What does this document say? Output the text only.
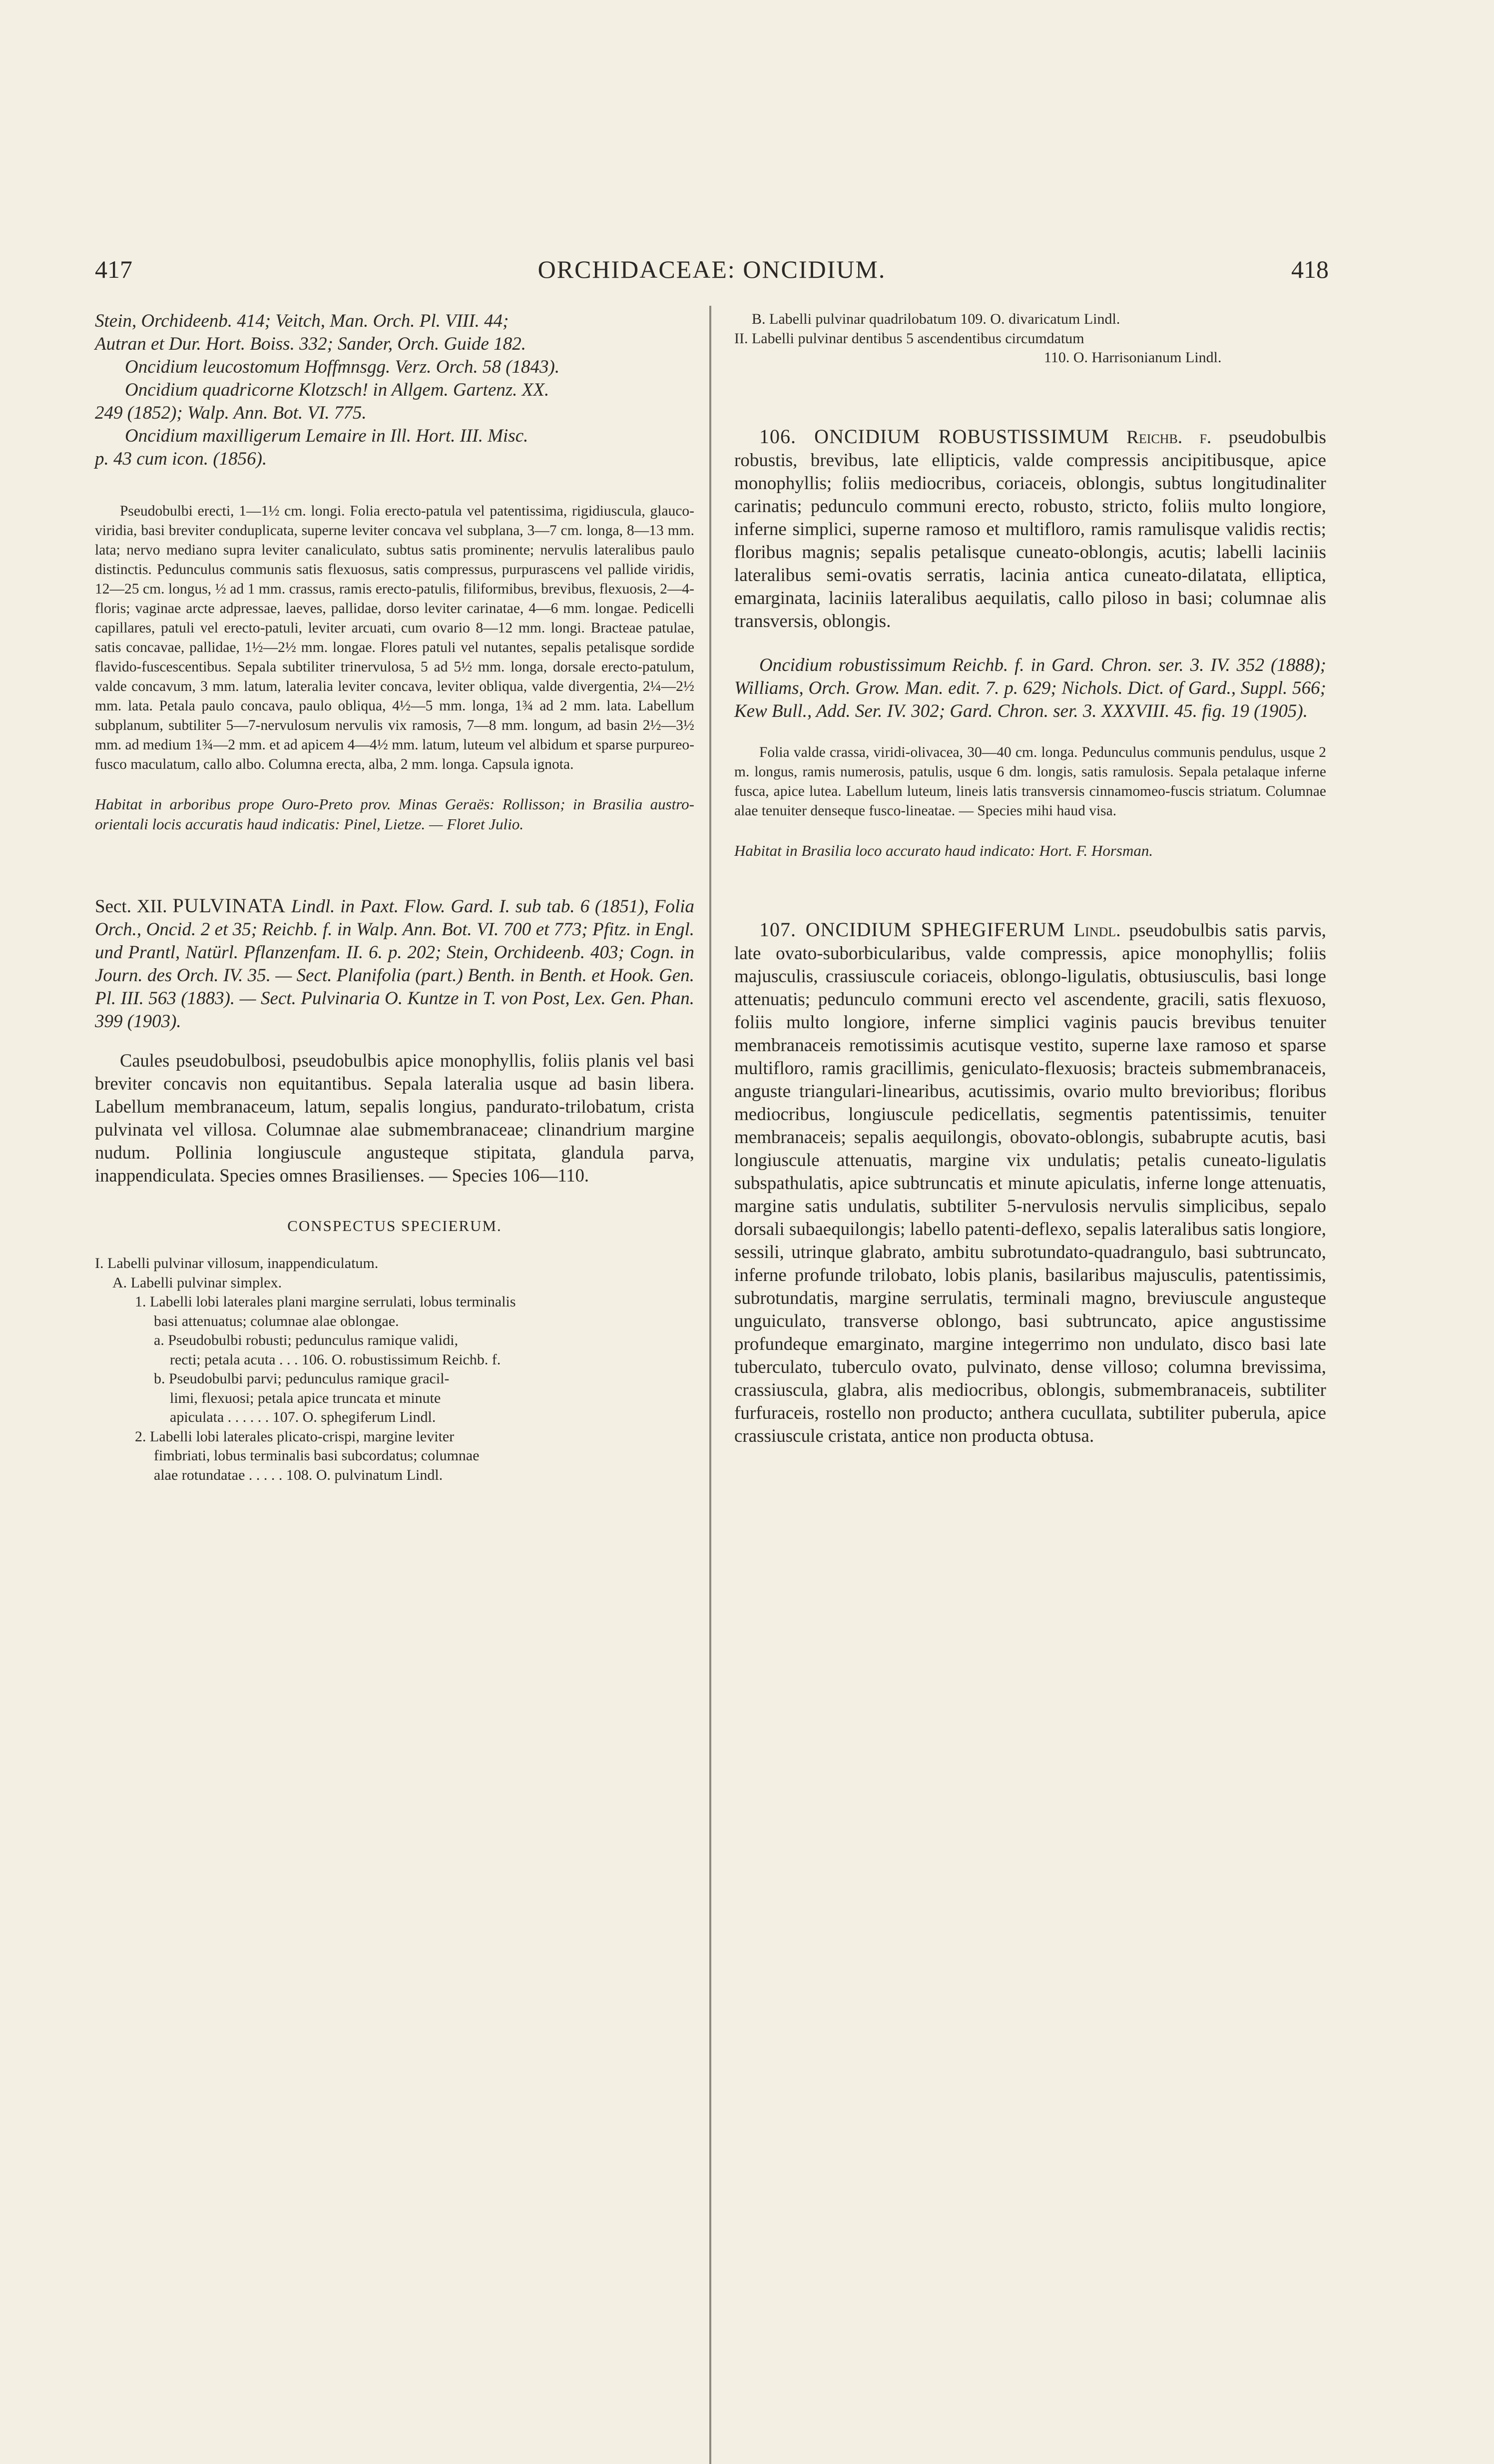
417	ORCHIDACEAE: ONCIDIUM.	418

Stein, Orchideenb. 414; Veitch, Man. Orch. Pl. VIII. 44;

Autran et Dur. Hort. Boiss. 332; Sander, Orch. Guide 182.

Oncidium leucostomum Hoffmnsgg. Verz. Orch. 58 (1843).

Oncidium quadricorne Klotzsch! in Allgem. Gartenz. XX.

249 (1852); Walp. Ann. Bot. VI. 775.

Oncidium maxilligerum Lemaire in Ill. Hort. III. Misc.

p. 43 cum icon. (1856).

Pseudobulbi erecti, 1—1½ cm. longi. Folia erecto-patula vel patentissima, rigidiuscula, glauco-viridia, basi breviter conduplicata, superne leviter concava vel subplana, 3—7 cm. longa, 8—13 mm. lata; nervo mediano supra leviter canaliculato, subtus satis prominente; nervulis lateralibus paulo distinctis. Pedunculus communis satis flexuosus, satis compressus, purpurascens vel pallide viridis, 12—25 cm. longus, ½ ad 1 mm. crassus, ramis erecto-patulis, filiformibus, brevibus, flexuosis, 2—4-floris; vaginae arcte adpressae, laeves, pallidae, dorso leviter carinatae, 4—6 mm. longae. Pedicelli capillares, patuli vel erecto-patuli, leviter arcuati, cum ovario 8—12 mm. longi. Bracteae patulae, satis concavae, pallidae, 1½—2½ mm. longae. Flores patuli vel nutantes, sepalis petalisque sordide flavido-fuscescentibus. Sepala subtiliter trinervulosa, 5 ad 5½ mm. longa, dorsale erecto-patulum, valde concavum, 3 mm. latum, lateralia leviter concava, leviter obliqua, valde divergentia, 2¼—2½ mm. lata. Petala paulo concava, paulo obliqua, 4½—5 mm. longa, 1¾ ad 2 mm. lata. Labellum subplanum, subtiliter 5—7-nervulosum nervulis vix ramosis, 7—8 mm. longum, ad basin 2½—3½ mm. ad medium 1¾—2 mm. et ad apicem 4—4½ mm. latum, luteum vel albidum et sparse purpureo-fusco maculatum, callo albo. Columna erecta, alba, 2 mm. longa. Capsula ignota.

Habitat in arboribus prope Ouro-Preto prov. Minas Geraës: Rollisson; in Brasilia austro-orientali locis accuratis haud indicatis: Pinel, Lietze. — Floret Julio.

Sect. XII. PULVINATA Lindl. in Paxt. Flow. Gard. I. sub tab. 6 (1851), Folia Orch., Oncid. 2 et 35; Reichb. f. in Walp. Ann. Bot. VI. 700 et 773; Pfitz. in Engl. und Prantl, Natürl. Pflanzenfam. II. 6. p. 202; Stein, Orchideenb. 403; Cogn. in Journ. des Orch. IV. 35. — Sect. Planifolia (part.) Benth. in Benth. et Hook. Gen. Pl. III. 563 (1883). — Sect. Pulvinaria O. Kuntze in T. von Post, Lex. Gen. Phan. 399 (1903).

Caules pseudobulbosi, pseudobulbis apice monophyllis, foliis planis vel basi breviter concavis non equitantibus. Sepala lateralia usque ad basin libera. Labellum membranaceum, latum, sepalis longius, pandurato-trilobatum, crista pulvinata vel villosa. Columnae alae submembranaceae; clinandrium margine nudum. Pollinia longiuscule angusteque stipitata, glandula parva, inappendiculata. Species omnes Brasilienses. — Species 106—110.

CONSPECTUS SPECIERUM.
I. Labelli pulvinar villosum, inappendiculatum.
A. Labelli pulvinar simplex.
1. Labelli lobi laterales plani margine serrulati, lobus terminalis
basi attenuatus; columnae alae oblongae.
a. Pseudobulbi robusti; pedunculus ramique validi,
recti; petala acuta . . . 106. O. robustissimum Reichb. f.
b. Pseudobulbi parvi; pedunculus ramique gracil-
limi, flexuosi; petala apice truncata et minute
apiculata . . . . . . 107. O. sphegiferum Lindl.
2. Labelli lobi laterales plicato-crispi, margine leviter
fimbriati, lobus terminalis basi subcordatus; columnae
alae rotundatae . . . . . 108. O. pulvinatum Lindl.
B. Labelli pulvinar quadrilobatum 109. O. divaricatum Lindl.
II. Labelli pulvinar dentibus 5 ascendentibus circumdatum
110. O. Harrisonianum Lindl.

106. ONCIDIUM ROBUSTISSIMUM Reichb. f. pseudobulbis robustis, brevibus, late ellipticis, valde compressis ancipitibusque, apice monophyllis; foliis mediocribus, coriaceis, oblongis, subtus longitudinaliter carinatis; pedunculo communi erecto, robusto, stricto, foliis multo longiore, inferne simplici, superne ramoso et multifloro, ramis ramulisque validis rectis; floribus magnis; sepalis petalisque cuneato-oblongis, acutis; labelli laciniis lateralibus semi-ovatis serratis, lacinia antica cuneato-dilatata, elliptica, emarginata, laciniis lateralibus aequilatis, callo piloso in basi; columnae alis transversis, oblongis.

Oncidium robustissimum Reichb. f. in Gard. Chron. ser. 3. IV. 352 (1888); Williams, Orch. Grow. Man. edit. 7. p. 629; Nichols. Dict. of Gard., Suppl. 566; Kew Bull., Add. Ser. IV. 302; Gard. Chron. ser. 3. XXXVIII. 45. fig. 19 (1905).

Folia valde crassa, viridi-olivacea, 30—40 cm. longa. Pedunculus communis pendulus, usque 2 m. longus, ramis numerosis, patulis, usque 6 dm. longis, satis ramulosis. Sepala petalaque inferne fusca, apice lutea. Labellum luteum, lineis latis transversis cinnamomeo-fuscis striatum. Columnae alae tenuiter denseque fusco-lineatae. — Species mihi haud visa.

Habitat in Brasilia loco accurato haud indicato: Hort. F. Horsman.

107. ONCIDIUM SPHEGIFERUM Lindl. pseudobulbis satis parvis, late ovato-suborbicularibus, valde compressis, apice monophyllis; foliis majusculis, crassiuscule coriaceis, oblongo-ligulatis, obtusiusculis, basi longe attenuatis; pedunculo communi erecto vel ascendente, gracili, satis flexuoso, foliis multo longiore, inferne simplici vaginis paucis brevibus tenuiter membranaceis remotissimis acutisque vestito, superne laxe ramoso et sparse multifloro, ramis gracillimis, geniculato-flexuosis; bracteis submembranaceis, anguste triangulari-linearibus, acutissimis, ovario multo brevioribus; floribus mediocribus, longiuscule pedicellatis, segmentis patentissimis, tenuiter membranaceis; sepalis aequilongis, obovato-oblongis, subabrupte acutis, basi longiuscule attenuatis, margine vix undulatis; petalis cuneato-ligulatis subspathulatis, apice subtruncatis et minute apiculatis, inferne longe attenuatis, margine satis undulatis, subtiliter 5-nervulosis nervulis simplicibus, sepalo dorsali subaequilongis; labello patenti-deflexo, sepalis lateralibus satis longiore, sessili, utrinque glabrato, ambitu subrotundato-quadrangulo, basi subtruncato, inferne profunde trilobato, lobis planis, basilaribus majusculis, patentissimis, subrotundatis, margine serrulatis, terminali magno, breviuscule angusteque unguiculato, transverse oblongo, basi subtruncato, apice angustissime profundeque emarginato, margine integerrimo non undulato, disco basi late tuberculato, tuberculo ovato, pulvinato, dense villoso; columna brevissima, crassiuscula, glabra, alis mediocribus, oblongis, submembranaceis, subtiliter furfuraceis, rostello non producto; anthera cucullata, subtiliter puberula, apice crassiuscule cristata, antice non producta obtusa.
